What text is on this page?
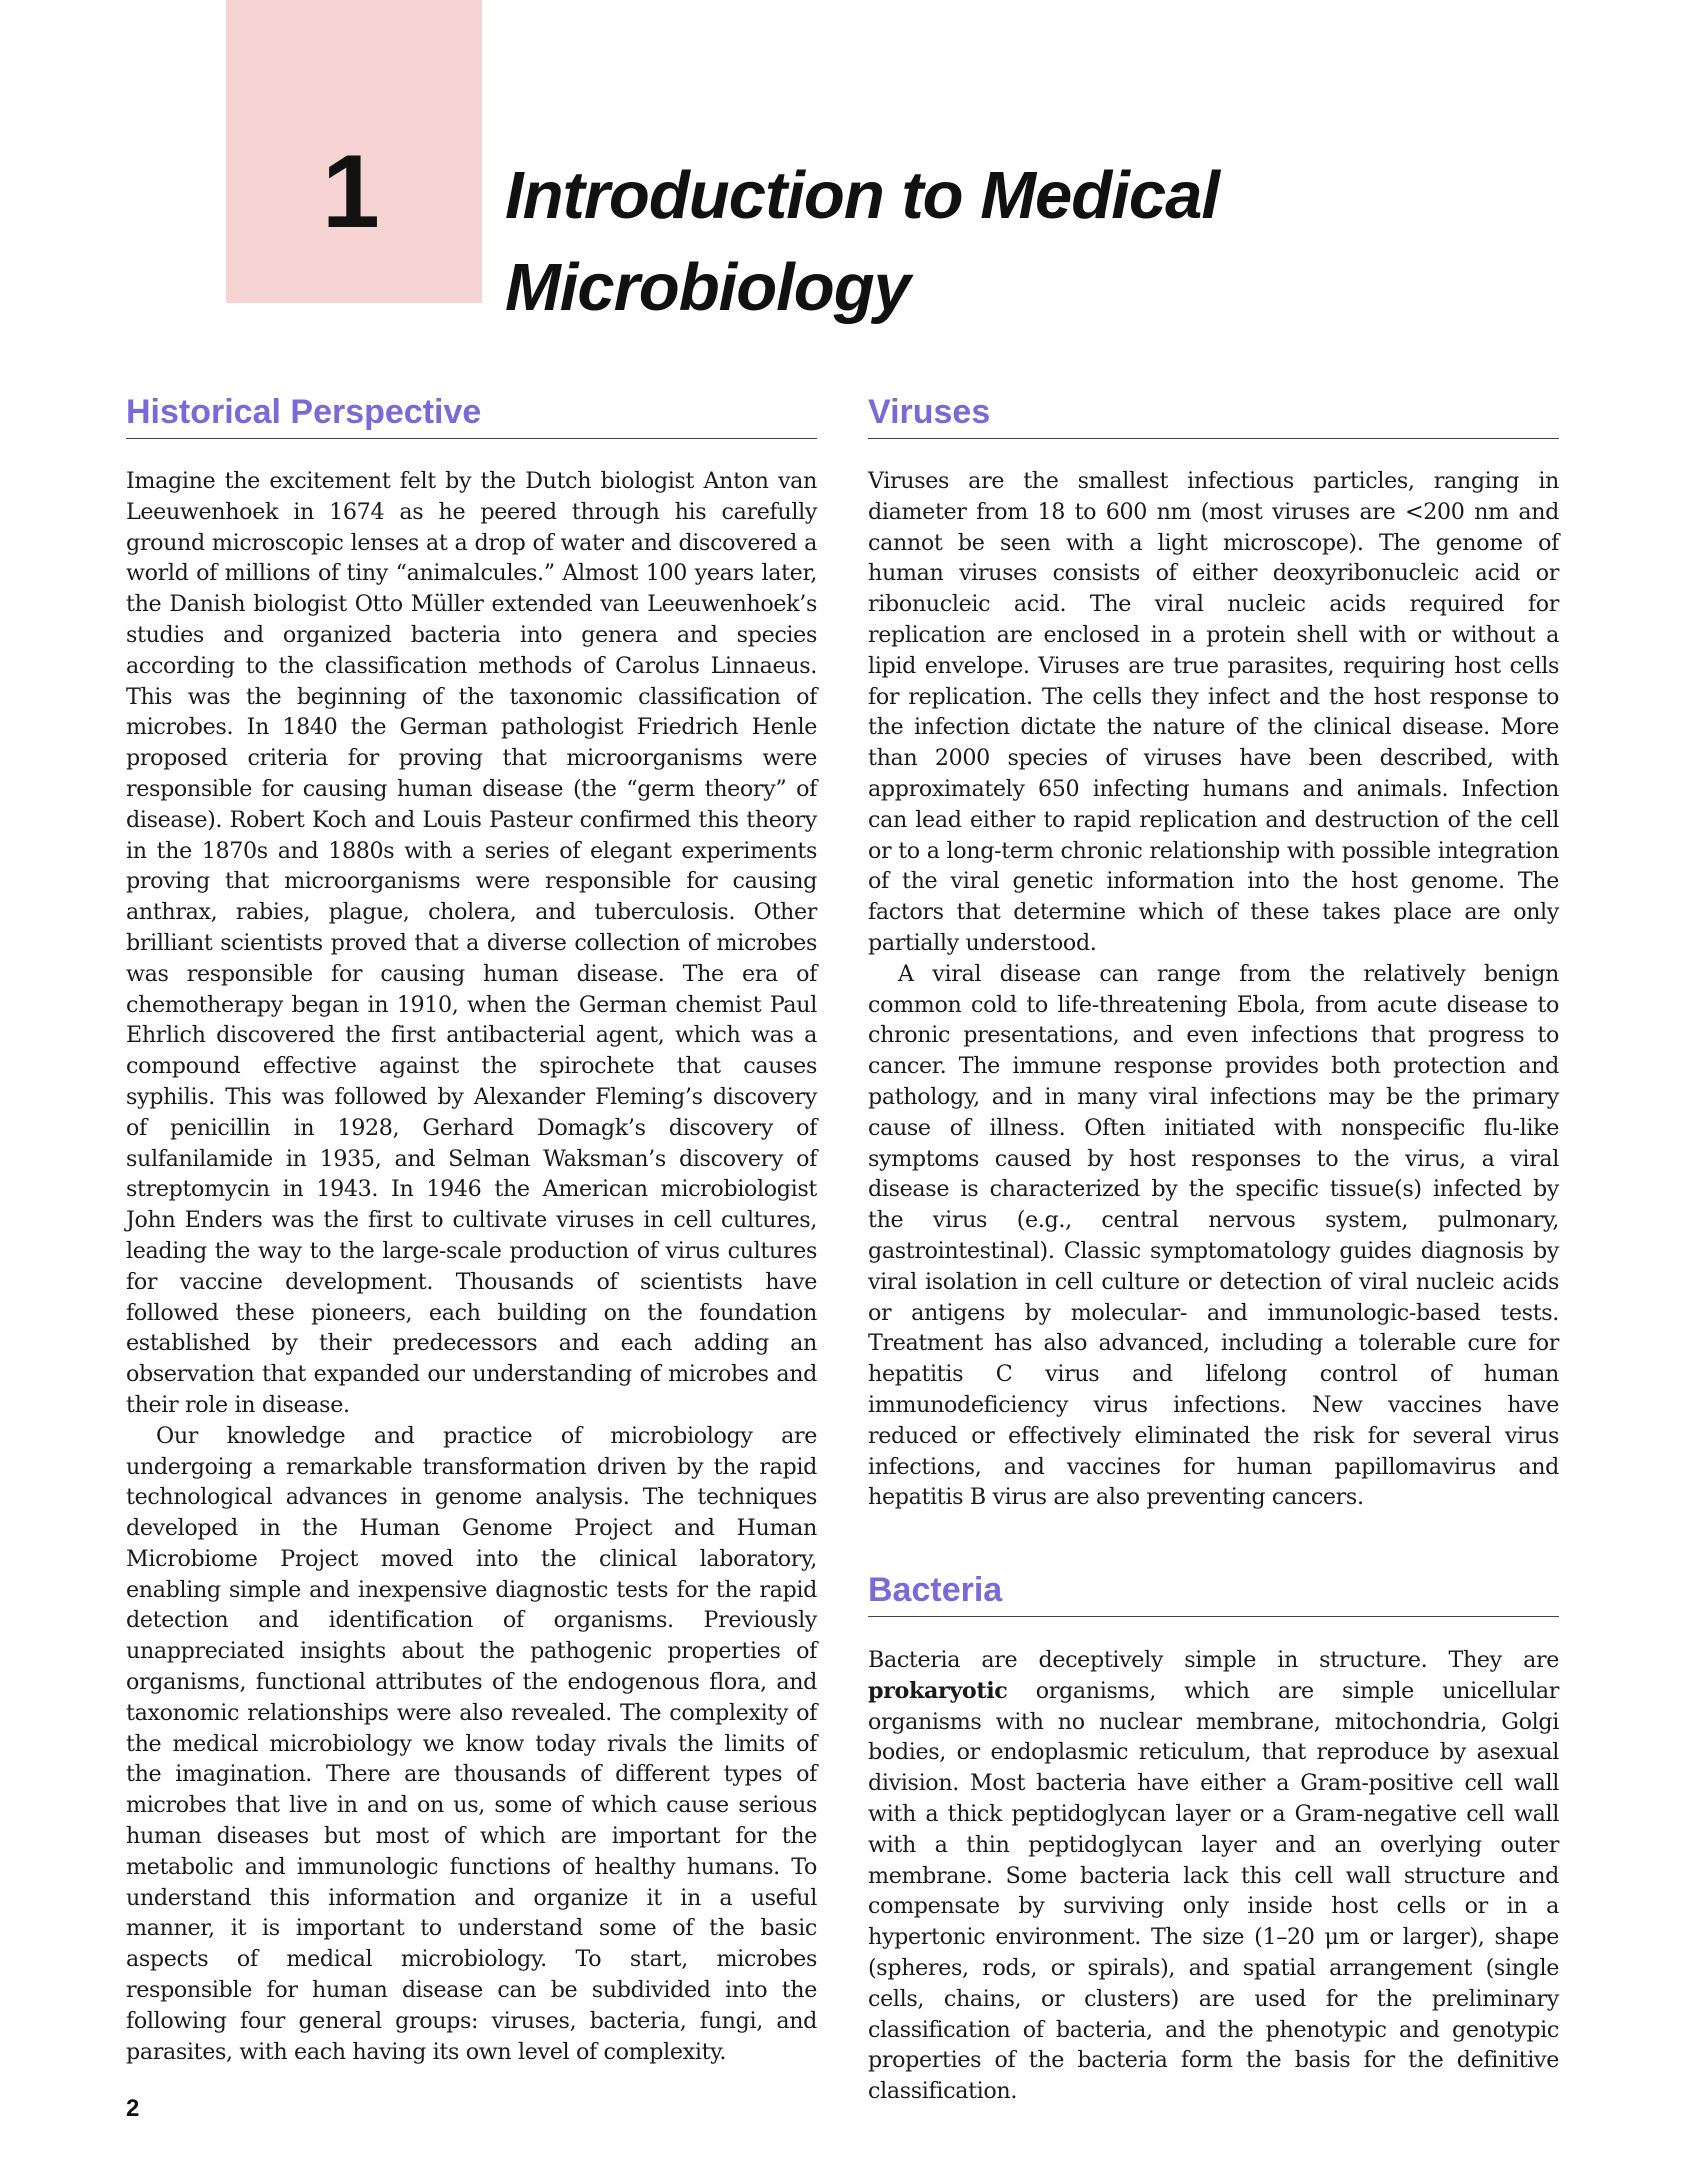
1 Introduction to Medical Microbiology
Historical Perspective

Imagine the excitement felt by the Dutch biologist Anton van Leeuwenhoek in 1674 as he peered through his carefully ground microscopic lenses at a drop of water and discovered a world of millions of tiny “animalcules.” Almost 100 years later, the Danish biologist Otto Müller extended van Leeuwenhoek’s studies and organized bacteria into genera and species according to the classification methods of Carolus Linnaeus. This was the beginning of the taxonomic classification of microbes. In 1840 the German pathologist Friedrich Henle proposed criteria for proving that microorganisms were responsible for causing human disease (the “germ theory” of disease). Robert Koch and Louis Pasteur confirmed this theory in the 1870s and 1880s with a series of elegant experiments proving that microorganisms were responsible for causing anthrax, rabies, plague, cholera, and tuberculosis. Other brilliant scientists proved that a diverse collection of microbes was responsible for causing human disease. The era of chemotherapy began in 1910, when the German chemist Paul Ehrlich discovered the first antibacterial agent, which was a compound effective against the spirochete that causes syphilis. This was followed by Alexander Fleming’s discovery of penicillin in 1928, Gerhard Domagk’s discovery of sulfanilamide in 1935, and Selman Waksman’s discovery of streptomycin in 1943. In 1946 the American microbiologist John Enders was the first to cultivate viruses in cell cultures, leading the way to the large-scale production of virus cultures for vaccine development. Thousands of scientists have followed these pioneers, each building on the foundation established by their predecessors and each adding an observation that expanded our understanding of microbes and their role in disease.

Our knowledge and practice of microbiology are undergoing a remarkable transformation driven by the rapid technological advances in genome analysis. The techniques developed in the Human Genome Project and Human Microbiome Project moved into the clinical laboratory, enabling simple and inexpensive diagnostic tests for the rapid detection and identification of organisms. Previously unappreciated insights about the pathogenic properties of organisms, functional attributes of the endogenous flora, and taxonomic relationships were also revealed. The complexity of the medical microbiology we know today rivals the limits of the imagination. There are thousands of different types of microbes that live in and on us, some of which cause serious human diseases but most of which are important for the metabolic and immunologic functions of healthy humans. To understand this information and organize it in a useful manner, it is important to understand some of the basic aspects of medical microbiology. To start, microbes responsible for human disease can be subdivided into the following four general groups: viruses, bacteria, fungi, and parasites, with each having its own level of complexity.

Viruses

Viruses are the smallest infectious particles, ranging in diameter from 18 to 600 nm (most viruses are <200 nm and cannot be seen with a light microscope). The genome of human viruses consists of either deoxyribonucleic acid or ribonucleic acid. The viral nucleic acids required for replication are enclosed in a protein shell with or without a lipid envelope. Viruses are true parasites, requiring host cells for replication. The cells they infect and the host response to the infection dictate the nature of the clinical disease. More than 2000 species of viruses have been described, with approximately 650 infecting humans and animals. Infection can lead either to rapid replication and destruction of the cell or to a long-term chronic relationship with possible integration of the viral genetic information into the host genome. The factors that determine which of these takes place are only partially understood.

A viral disease can range from the relatively benign common cold to life-threatening Ebola, from acute disease to chronic presentations, and even infections that progress to cancer. The immune response provides both protection and pathology, and in many viral infections may be the primary cause of illness. Often initiated with nonspecific flu-like symptoms caused by host responses to the virus, a viral disease is characterized by the specific tissue(s) infected by the virus (e.g., central nervous system, pulmonary, gastrointestinal). Classic symptomatology guides diagnosis by viral isolation in cell culture or detection of viral nucleic acids or antigens by molecular- and immunologic-based tests. Treatment has also advanced, including a tolerable cure for hepatitis C virus and lifelong control of human immunodeficiency virus infections. New vaccines have reduced or effectively eliminated the risk for several virus infections, and vaccines for human papillomavirus and hepatitis B virus are also preventing cancers.

Bacteria

Bacteria are deceptively simple in structure. They are prokaryotic organisms, which are simple unicellular organisms with no nuclear membrane, mitochondria, Golgi bodies, or endoplasmic reticulum, that reproduce by asexual division. Most bacteria have either a Gram-positive cell wall with a thick peptidoglycan layer or a Gram-negative cell wall with a thin peptidoglycan layer and an overlying outer membrane. Some bacteria lack this cell wall structure and compensate by surviving only inside host cells or in a hypertonic environment. The size (1–20 μm or larger), shape (spheres, rods, or spirals), and spatial arrangement (single cells, chains, or clusters) are used for the preliminary classification of bacteria, and the phenotypic and genotypic properties of the bacteria form the basis for the definitive classification.

2
